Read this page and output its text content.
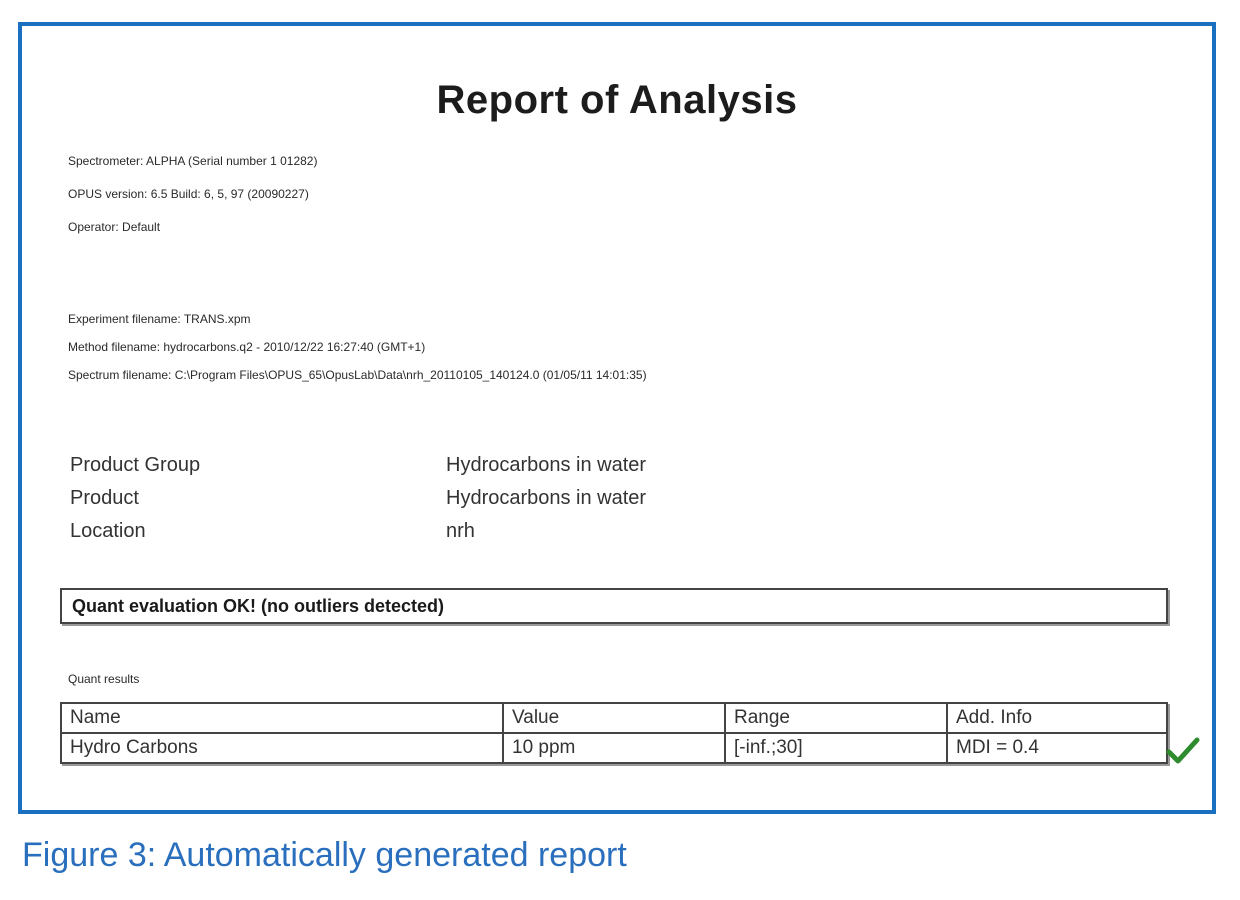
Report of Analysis
Spectrometer: ALPHA (Serial number 1 01282)
OPUS version: 6.5 Build: 6, 5, 97 (20090227)
Operator: Default
Experiment filename: TRANS.xpm
Method filename: hydrocarbons.q2 - 2010/12/22 16:27:40 (GMT+1)
Spectrum filename: C:\Program Files\OPUS_65\OpusLab\Data\nrh_20110105_140124.0 (01/05/11 14:01:35)
Product Group	Hydrocarbons in water
Product	Hydrocarbons in water
Location	nrh
Quant evaluation OK! (no outliers detected)
Quant results
Name	Value	Range	Add. Info
Hydro Carbons	10 ppm	[-inf.;30]	MDI = 0.4
Figure 3: Automatically generated report
